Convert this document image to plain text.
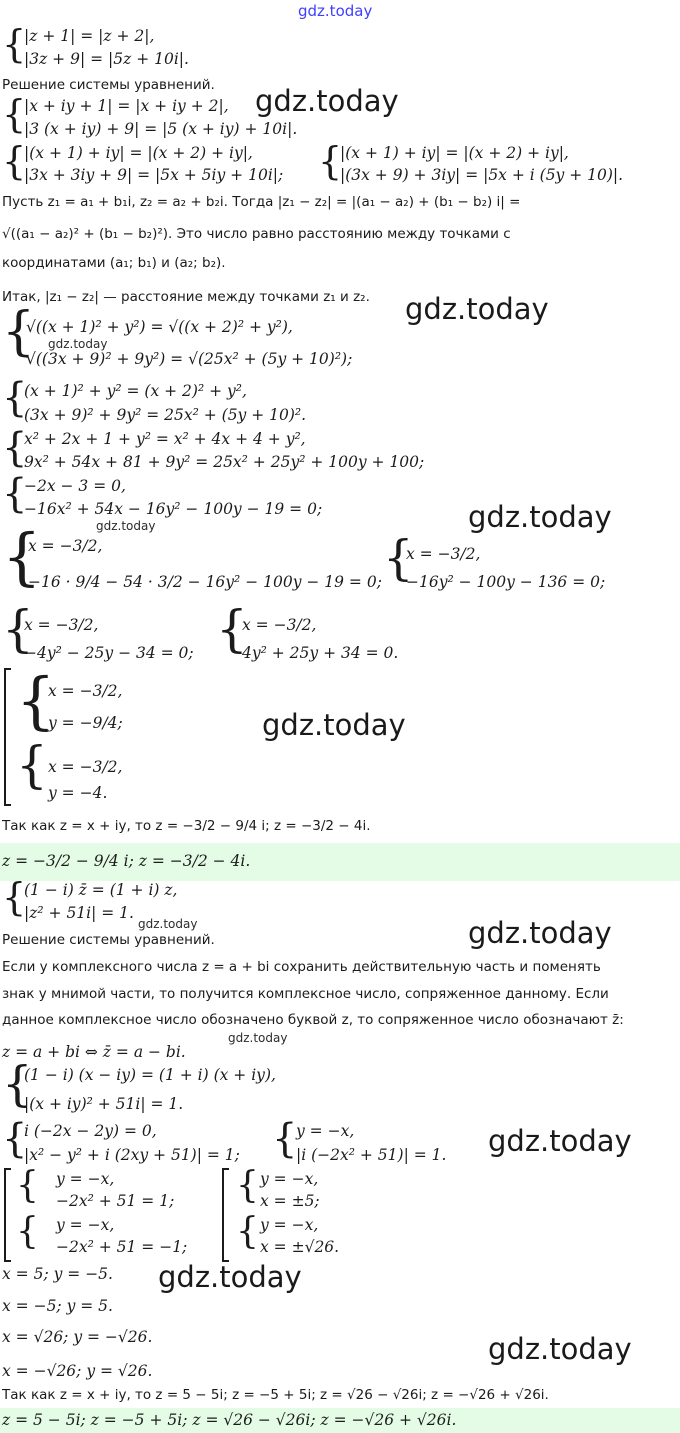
gdz.today
{
|z + 1| = |z + 2|,
|3z + 9| = |5z + 10i|.
Решение системы уравнений.
{
|x + iy + 1| = |x + iy + 2|,
|3 (x + iy) + 9| = |5 (x + iy) + 10i|.
gdz.today
{
|(x + 1) + iy| = |(x + 2) + iy|,
|3x + 3iy + 9| = |5x + 5iy + 10i|; {
|(x + 1) + iy| = |(x + 2) + iy|,
|(3x + 9) + 3iy| = |5x + i (5y + 10)|.
Пусть z₁ = a₁ + b₁i, z₂ = a₂ + b₂i. Тогда |z₁ − z₂| = |(a₁ − a₂) + (b₁ − b₂) i| =
√((a₁ − a₂)² + (b₁ − b₂)²). Это число равно расстоянию между точками с
координатами (a₁; b₁) и (a₂; b₂).
Итак, |z₁ − z₂| — расстояние между точками z₁ и z₂. gdz.today
{
√((x + 1)² + y²) = √((x + 2)² + y²),
√((3x + 9)² + 9y²) = √(25x² + (5y + 10)²);
gdz.today
{
(x + 1)² + y² = (x + 2)² + y²,
(3x + 9)² + 9y² = 25x² + (5y + 10)².
{
x² + 2x + 1 + y² = x² + 4x + 4 + y²,
9x² + 54x + 81 + 9y² = 25x² + 25y² + 100y + 100;
{
−2x − 3 = 0,
−16x² + 54x − 16y² − 100y − 19 = 0;	gdz.today
{
x = −3/2,
−16 · 9/4 − 54 · 3/2 − 16y² − 100y − 19 = 0;
gdz.today
{
x = −3/2,
−16y² − 100y − 136 = 0;
{
x = −3/2,
−4y² − 25y − 34 = 0; {
x = −3/2,
4y² + 25y + 34 = 0.
{
x = −3/2,
y = −9/4;
{ x = −3/2,
y = −4.
gdz.today
Так как z = x + iy, то z = −3/2 − 9/4 i; z = −3/2 − 4i.
z = −3/2 − 9/4 i; z = −3/2 − 4i.
{
(1 − i) z̄ = (1 + i) z,
|z² + 51i| = 1.
gdz.today
Решение системы уравнений.	gdz.today
Если у комплексного числа z = a + bi сохранить действительную часть и поменять
знак у мнимой части, то получится комплексное число, сопряженное данному. Если
данное комплексное число обозначено буквой z, то сопряженное число обозначают z̄:
gdz.today
z = a + bi ⇔ z̄ = a − bi.
{
(1 − i) (x − iy) = (1 + i) (x + iy),
|(x + iy)² + 51i| = 1.
{
i (−2x − 2y) = 0,
|x² − y² + i (2xy + 51)| = 1; {
y = −x,
|i (−2x² + 51)| = 1. gdz.today
{ y = −x,
−2x² + 51 = 1;
{ y = −x,
−2x² + 51 = −1;
{ y = −x,
x = ±5;
{ y = −x,
x = ±√26.
x = 5; y = −5. gdz.today
x = −5; y = 5.
x = √26; y = −√26.	gdz.today
x = −√26; y = √26.
Так как z = x + iy, то z = 5 − 5i; z = −5 + 5i; z = √26 − √26i; z = −√26 + √26i.
z = 5 − 5i; z = −5 + 5i; z = √26 − √26i; z = −√26 + √26i.
